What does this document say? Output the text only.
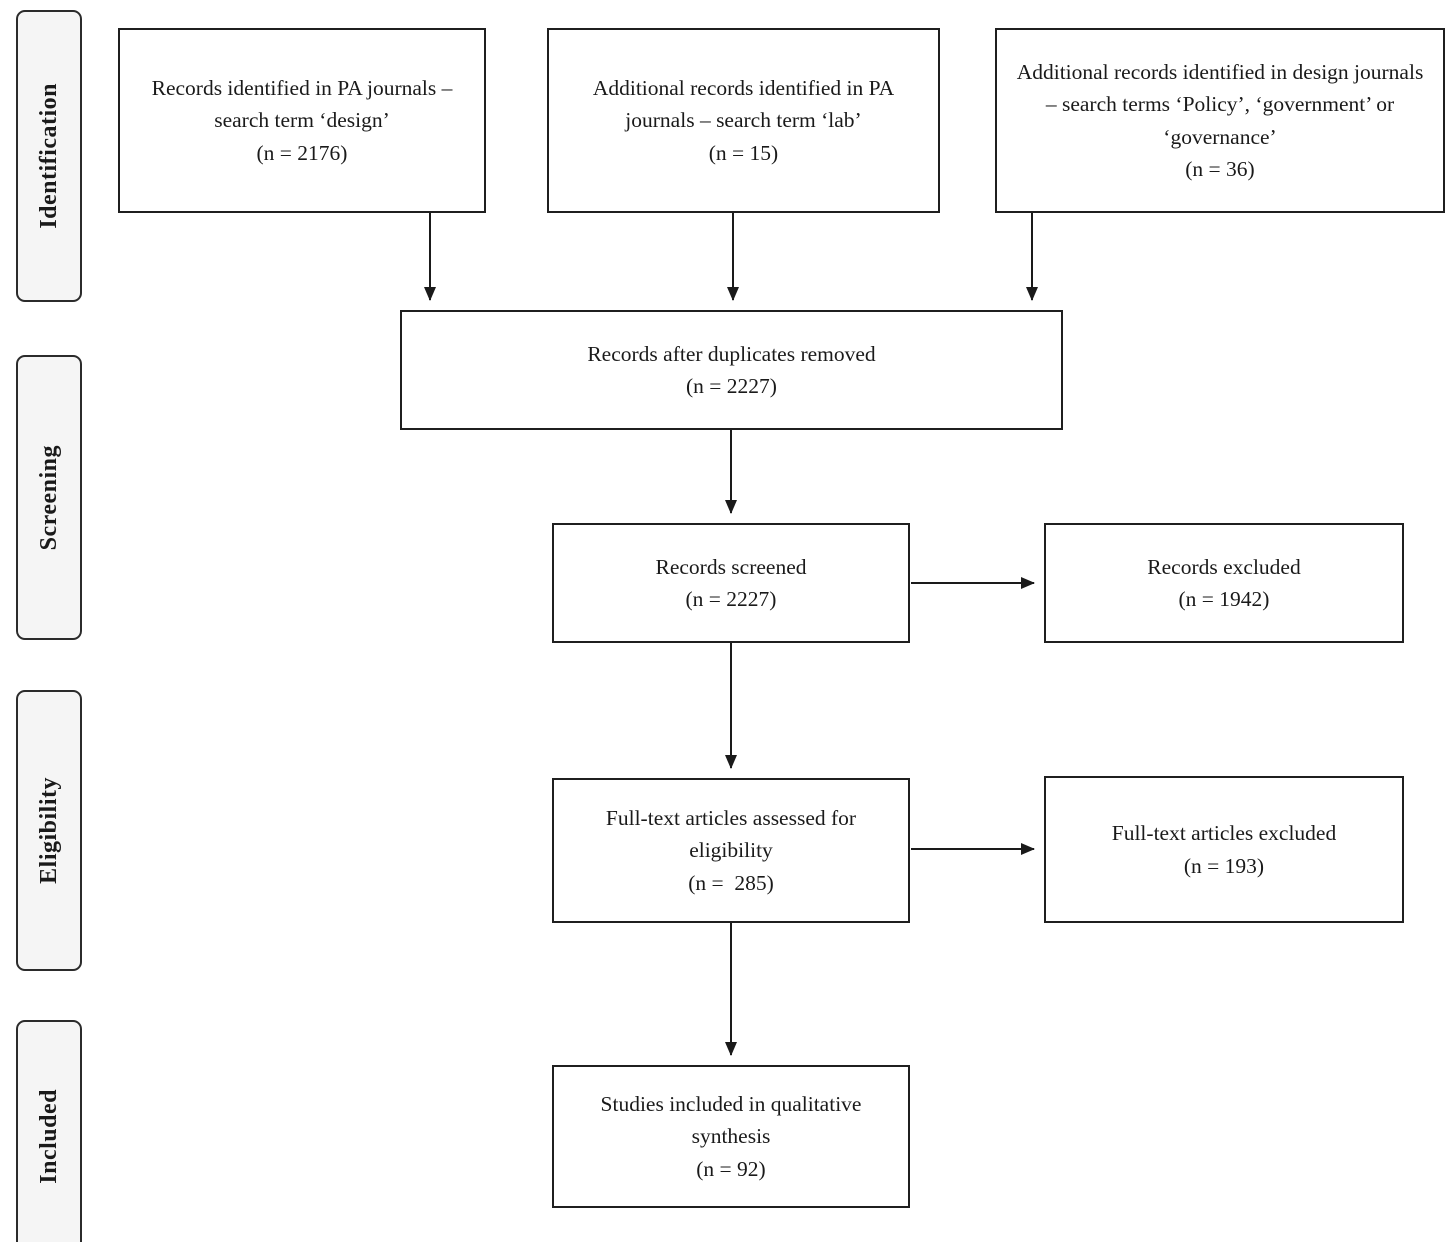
Identification
Screening
Eligibility
Included
Records identified in PA journals – search term ‘design’
(n = 2176)
Additional records identified in PA journals – search term ‘lab’
(n = 15)
Additional records identified in design journals – search terms ‘Policy’, ‘government’ or ‘governance’
(n = 36)
Records after duplicates removed
(n = 2227)
Records screened
(n = 2227)
Records excluded
(n = 1942)
Full-text articles assessed for eligibility
(n =  285)
Full-text articles excluded
(n = 193)
Studies included in qualitative synthesis
(n = 92)
